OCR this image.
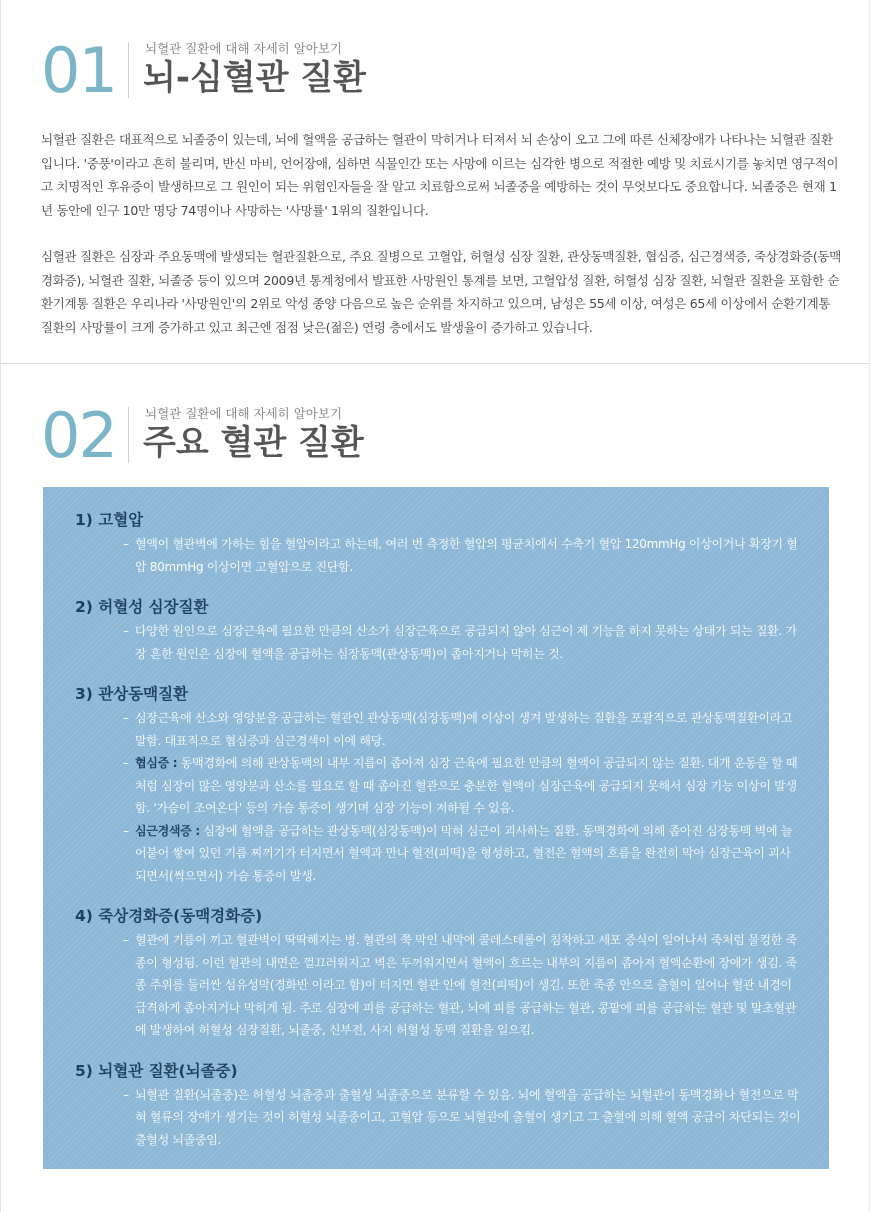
01 뇌혈관 질환에 대해 자세히 알아보기
뇌-심혈관 질환

뇌혈관 질환은 대표적으로 뇌졸중이 있는데, 뇌에 혈액을 공급하는 혈관이 막히거나 터져서 뇌 손상이 오고 그에 따른 신체장애가 나타나는 뇌혈관 질환입니다. '중풍'이라고 흔히 불리며, 반신 마비, 언어장애, 심하면 식물인간 또는 사망에 이르는 심각한 병으로 적절한 예방 및 치료시기를 놓치면 영구적이고 치명적인 후유증이 발생하므로 그 원인이 되는 위험인자들을 잘 알고 치료함으로써 뇌졸중을 예방하는 것이 무엇보다도 중요합니다. 뇌졸중은 현재 1년 동안에 인구 10만 명당 74명이나 사망하는 '사망률' 1위의 질환입니다.

심혈관 질환은 심장과 주요동맥에 발생되는 혈관질환으로, 주요 질병으로 고혈압, 허혈성 심장 질환, 관상동맥질환, 협심증, 심근경색증, 죽상경화증(동맥경화증), 뇌혈관 질환, 뇌졸중 등이 있으며 2009년 통계청에서 발표한 사망원인 통계를 보면, 고혈압성 질환, 허혈성 심장 질환, 뇌혈관 질환을 포함한 순환기계통 질환은 우리나라 '사망원인'의 2위로 악성 종양 다음으로 높은 순위를 차지하고 있으며, 남성은 55세 이상, 여성은 65세 이상에서 순환기계통 질환의 사망률이 크게 증가하고 있고 최근엔 점점 낮은(젊은) 연령 층에서도 발생율이 증가하고 있습니다.

02 뇌혈관 질환에 대해 자세히 알아보기
주요 혈관 질환
1) 고혈압
– 혈액이 혈관벽에 가하는 힘을 혈압이라고 하는데, 여러 번 측정한 혈압의 평균치에서 수축기 혈압 120mmHg 이상이거나 확장기 혈압 80mmHg 이상이면 고혈압으로 진단함.
2) 허혈성 심장질환
– 다양한 원인으로 심장근육에 필요한 만큼의 산소가 심장근육으로 공급되지 않아 심근이 제 기능을 하지 못하는 상태가 되는 질환. 가장 흔한 원인은 심장에 혈액을 공급하는 심장동맥(관상동맥)이 좁아지거나 막히는 것.
3) 관상동맥질환
– 심장근육에 산소와 영양분을 공급하는 혈관인 관상동맥(심장동맥)에 이상이 생겨 발생하는 질환을 포괄적으로 관상동맥질환이라고 말함. 대표적으로 협심증과 심근경색이 이에 해당.
– 협심증 : 동맥경화에 의해 관상동맥의 내부 지름이 좁아져 심장 근육에 필요한 만큼의 혈액이 공급되지 않는 질환. 대개 운동을 할 때처럼 심장이 많은 영양분과 산소를 필요로 할 때 좁아진 혈관으로 충분한 혈액이 심장근육에 공급되지 못해서 심장 기능 이상이 발생함. '가슴이 조여온다' 등의 가슴 통증이 생기며 심장 기능이 저하될 수 있음.
– 심근경색증 : 심장에 혈액을 공급하는 관상동맥(심장동맥)이 막혀 심근이 괴사하는 질환. 동맥경화에 의해 좁아진 심장동맥 벽에 늘어붙어 쌓여 있던 기름 찌꺼기가 터지면서 혈액과 만나 혈전(피떡)을 형성하고, 혈전은 혈액의 흐름을 완전히 막아 심장근육이 괴사되면서(썩으면서) 가슴 통증이 발생.
4) 죽상경화증(동맥경화증)
– 혈관에 기름이 끼고 혈관벽이 딱딱해지는 병. 혈관의 쭉 막인 내막에 콜레스테롤이 침착하고 세포 증식이 일어나서 죽처럼 물컹한 죽종이 형성됨. 이런 혈관의 내면은 껄끄러워지고 벽은 두꺼워지면서 혈액이 흐르는 내부의 지름이 좁아져 혈액순환에 장애가 생김. 죽종 주위를 둘러싼 섬유성막(경화반 이라고 함)이 터지면 혈관 안에 혈전(피떡)이 생김. 또한 죽종 안으로 출혈이 일어나 혈관 내경이 급격하게 좁아지거나 막히게 됨. 주로 심장에 피를 공급하는 혈관, 뇌에 피를 공급하는 혈관, 콩팥에 피를 공급하는 혈관 및 말초혈관에 발생하여 허혈성 심장질환, 뇌졸중, 신부전, 사지 허혈성 동맥 질환을 일으킴.
5) 뇌혈관 질환(뇌졸중)
– 뇌혈관 질환(뇌졸중)은 허혈성 뇌졸중과 출혈성 뇌졸중으로 분류할 수 있음. 뇌에 혈액을 공급하는 뇌혈관이 동맥경화나 혈전으로 막혀 혈류의 장애가 생기는 것이 허혈성 뇌졸중이고, 고혈압 등으로 뇌혈관에 출혈이 생기고 그 출혈에 의해 혈액 공급이 차단되는 것이 출혈성 뇌졸중임.
